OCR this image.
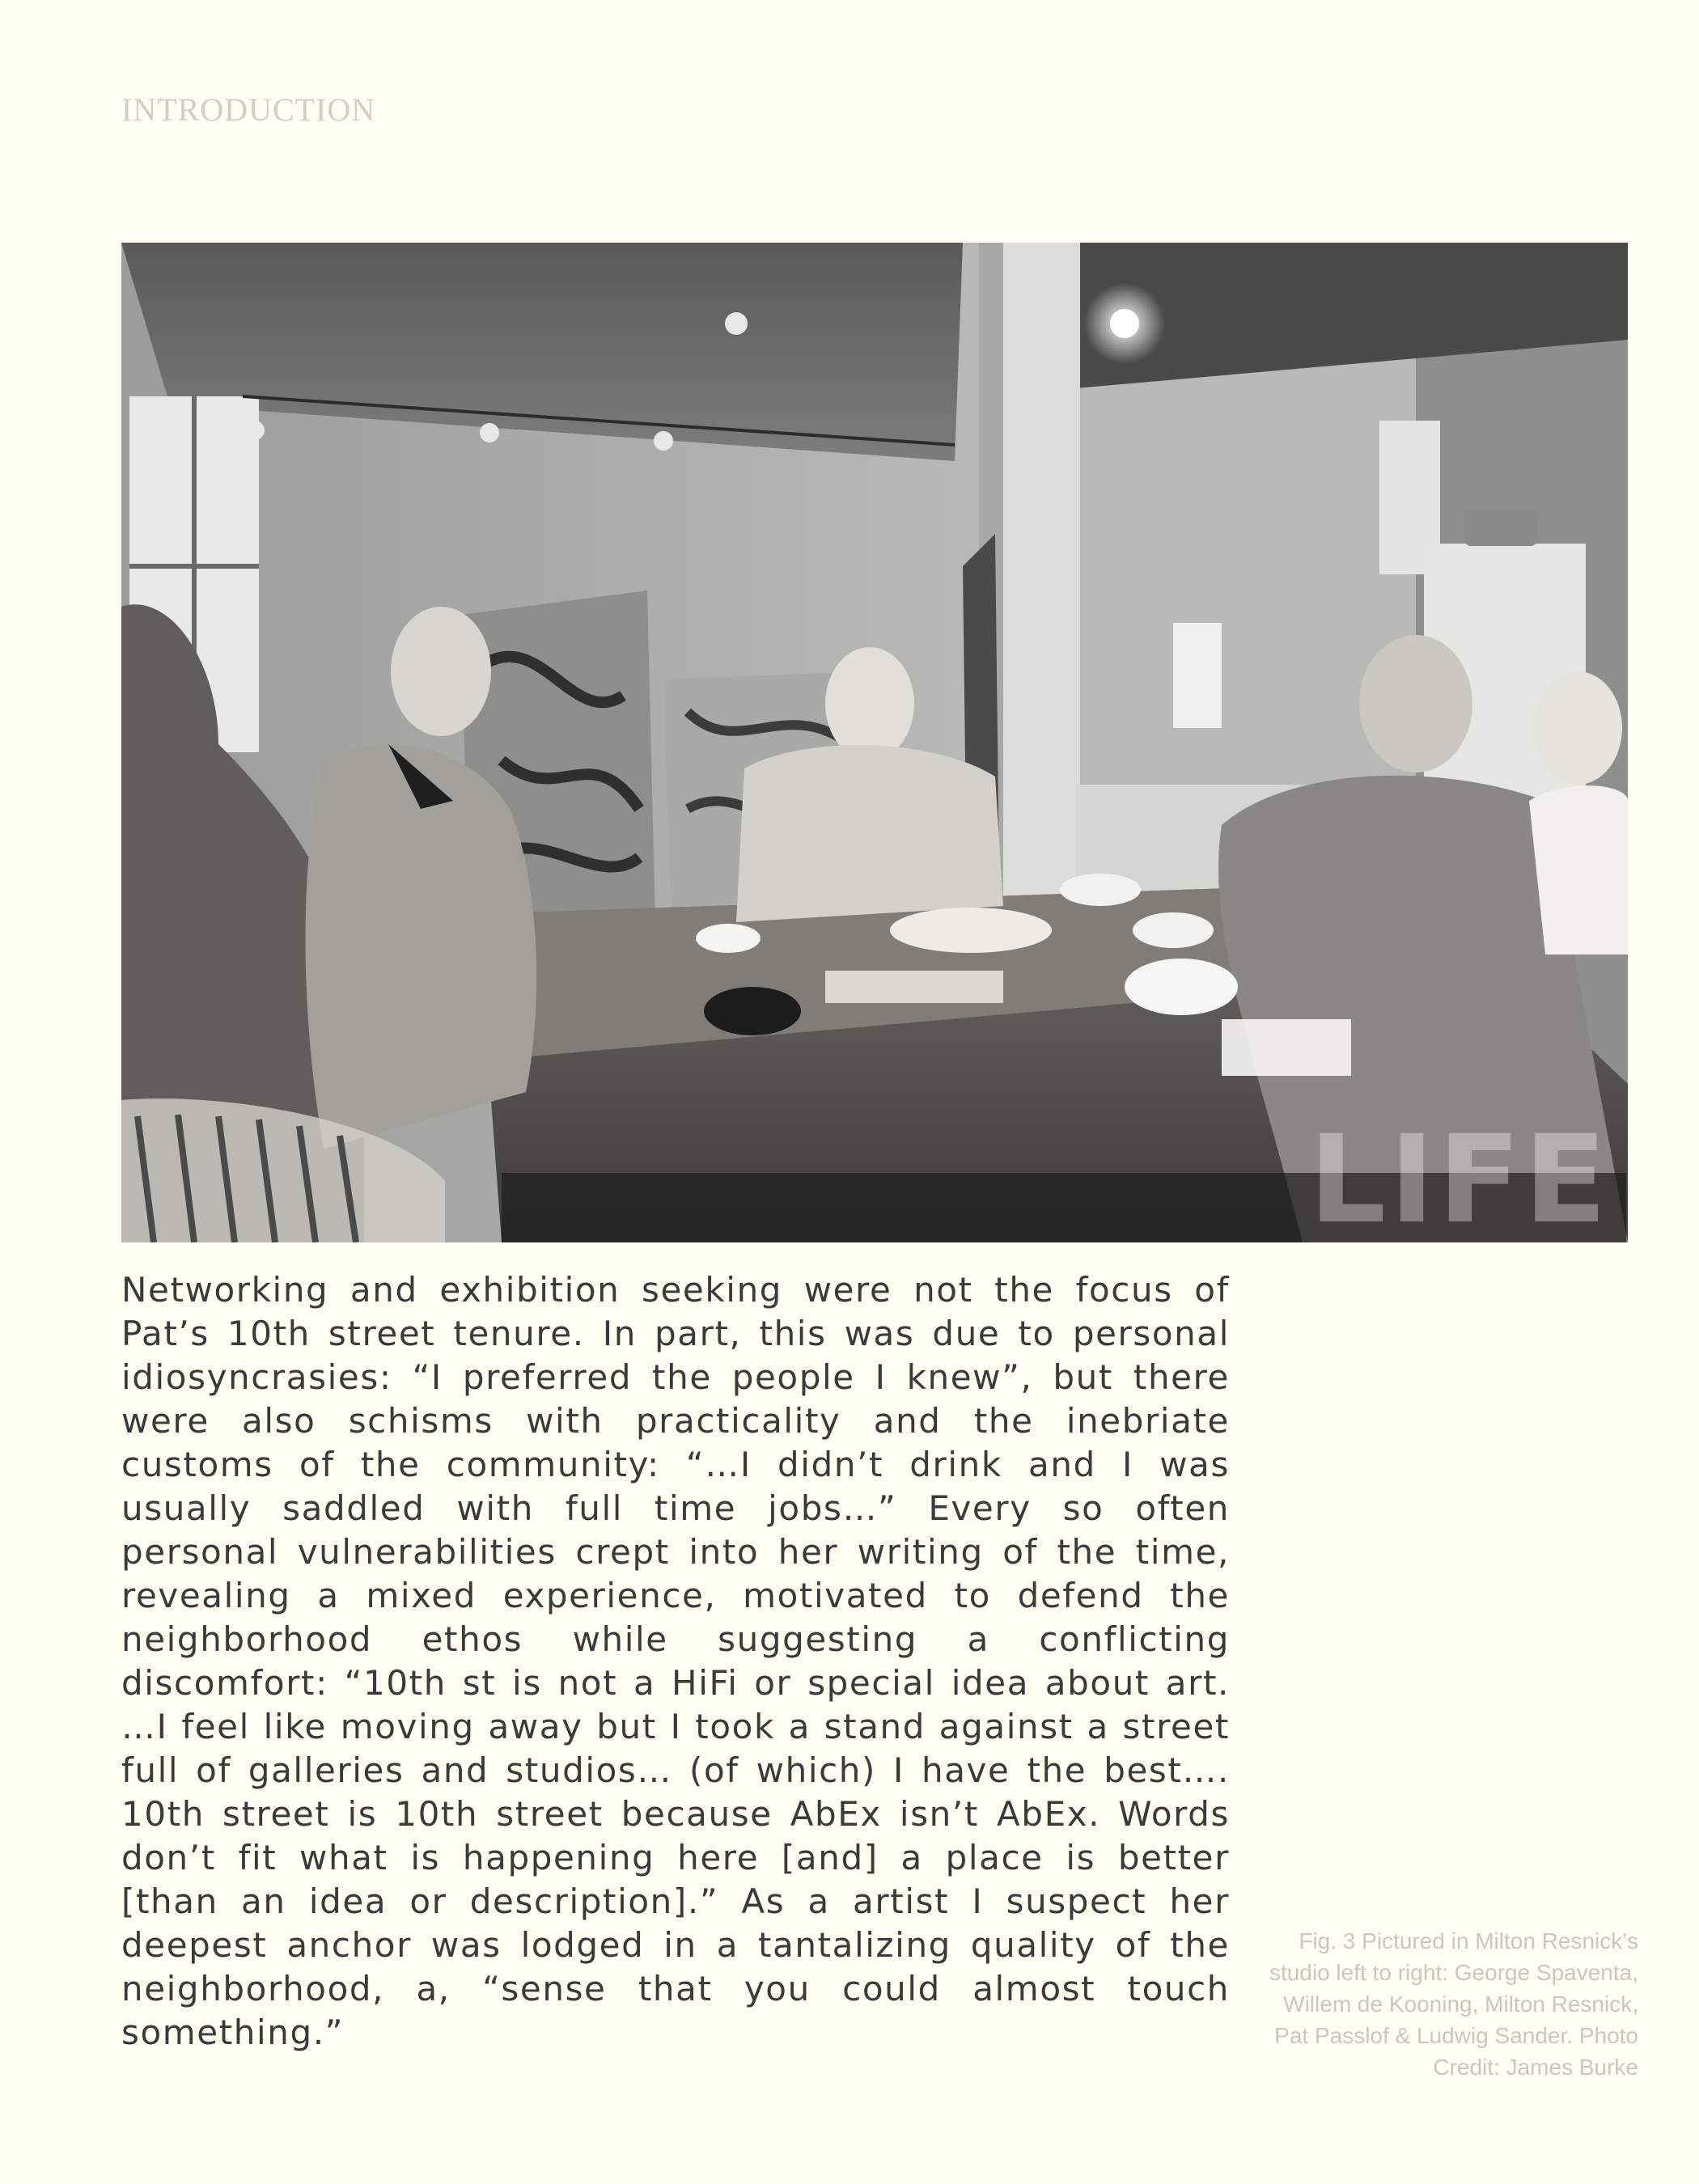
INTRODUCTION
LIFE

Networking and exhibition seeking were not the focus of Pat’s 10th street tenure. In part, this was due to personal idiosyncrasies: “I preferred the people I knew”, but there were also schisms with practicality and the inebriate customs of the community: “…I didn’t drink and I was usually saddled with full time jobs…” Every so often personal vulnerabilities crept into her writing of the time, revealing a mixed experience, motivated to defend the neighborhood ethos while suggesting a conflicting discomfort: “10th st is not a HiFi or special idea about art. …I feel like moving away but I took a stand against a street full of galleries and studios… (of which) I have the best…. 10th street is 10th street because AbEx isn’t AbEx. Words don’t fit what is happening here [and] a place is better [than an idea or description].” As a artist I suspect her deepest anchor was lodged in a tantalizing quality of the neighborhood, a, “sense that you could almost touch something.”

Fig. 3 Pictured in Milton Resnick’s studio left to right: George Spaventa, Willem de Kooning, Milton Resnick, Pat Passlof & Ludwig Sander. Photo Credit: James Burke
